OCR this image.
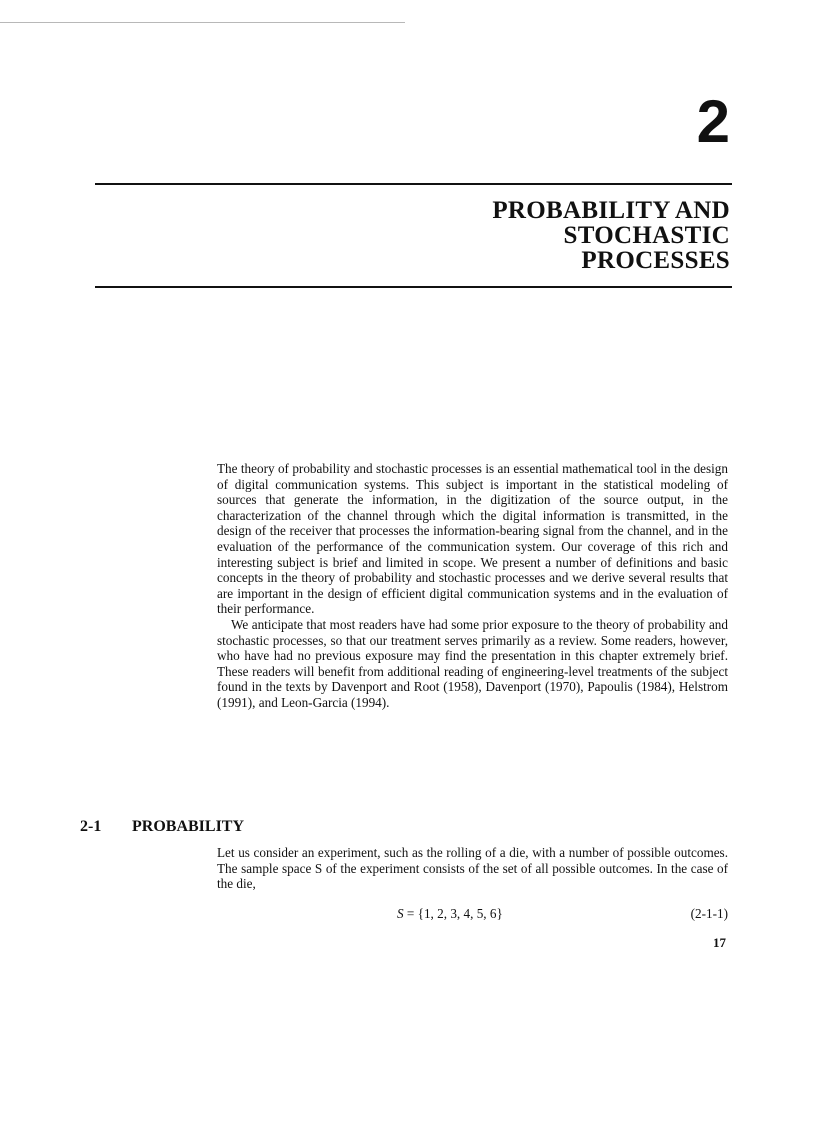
2
PROBABILITY AND
STOCHASTIC
PROCESSES

The theory of probability and stochastic processes is an essential mathematical tool in the design of digital communication systems. This subject is important in the statistical modeling of sources that generate the information, in the digitization of the source output, in the characterization of the channel through which the digital information is transmitted, in the design of the receiver that processes the information-bearing signal from the channel, and in the evaluation of the performance of the communication system. Our coverage of this rich and interesting subject is brief and limited in scope. We present a number of definitions and basic concepts in the theory of probability and stochastic processes and we derive several results that are important in the design of efficient digital communication systems and in the evaluation of their performance.

We anticipate that most readers have had some prior exposure to the theory of probability and stochastic processes, so that our treatment serves primarily as a review. Some readers, however, who have had no previous exposure may find the presentation in this chapter extremely brief. These readers will benefit from additional reading of engineering-level treatments of the subject found in the texts by Davenport and Root (1958), Davenport (1970), Papoulis (1984), Helstrom (1991), and Leon-Garcia (1994).

2-1 PROBABILITY

Let us consider an experiment, such as the rolling of a die, with a number of possible outcomes. The sample space S of the experiment consists of the set of all possible outcomes. In the case of the die,

S = {1, 2, 3, 4, 5, 6}	(2-1-1)
17
